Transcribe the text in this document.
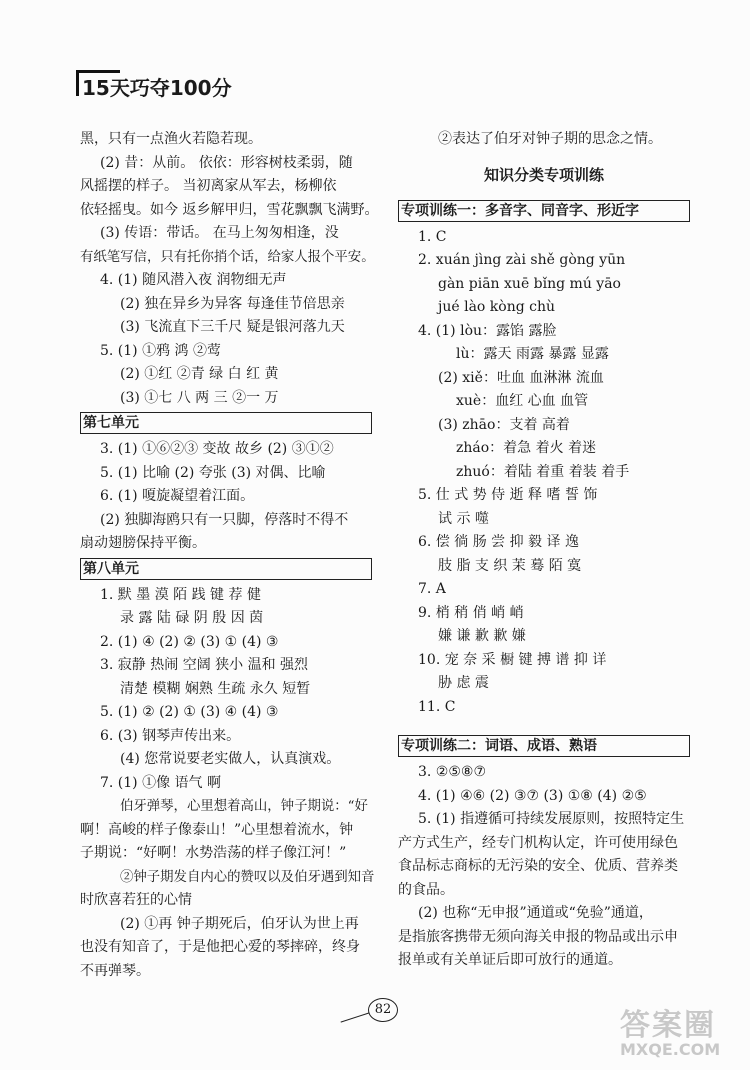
15天巧夺100分
黑，只有一点渔火若隐若现。
(2) 昔：从前。 依依：形容树枝柔弱，随
风摇摆的样子。 当初离家从军去，杨柳依
依轻摇曳。如今 返乡解甲归，雪花飘飘飞满野。
(3) 传语：带话。 在马上匆匆相逢，没
有纸笔写信，只有托你捎个话，给家人报个平安。
4. (1) 随风潜入夜 润物细无声
(2) 独在异乡为异客 每逢佳节倍思亲
(3) 飞流直下三千尺 疑是银河落九天
5. (1) ①鸦 鸿 ②莺
(2) ①红 ②青 绿 白 红 黄
(3) ①七 八 两 三 ②一 万
第七单元
3. (1) ①⑥②③ 变故 故乡 (2) ③①②
5. (1) 比喻 (2) 夸张 (3) 对偶、比喻
6. (1) 嗄旋凝望着江面。
(2) 独脚海鸥只有一只脚，停落时不得不
扇动翅膀保持平衡。
第八单元
1. 默 墨 漠 陌 践 键 荐 健
录 露 陆 碌 阴 殷 因 茵
2. (1) ④ (2) ② (3) ① (4) ③
3. 寂静 热闹 空阔 狭小 温和 强烈
清楚 模糊 娴熟 生疏 永久 短暂
5. (1) ② (2) ① (3) ④ (4) ③
6. (3) 钢琴声传出来。
(4) 您常说要老实做人，认真演戏。
7. (1) ①像 语气 啊
伯牙弹琴，心里想着高山，钟子期说：“好
啊！高峻的样子像泰山！”心里想着流水，钟
子期说：“好啊！水势浩荡的样子像江河！”
②钟子期发自内心的赞叹以及伯牙遇到知音
时欣喜若狂的心情
(2) ①再 钟子期死后，伯牙认为世上再
也没有知音了，于是他把心爱的琴摔碎，终身
不再弹琴。
②表达了伯牙对钟子期的思念之情。
知识分类专项训练
专项训练一：多音字、同音字、形近字
1. C
2. xuán jìng zài shě gòng yūn
gàn piān xuē bǐng mú yāo
jué lào kòng chù
4. (1) lòu：露馅 露脸
lù：露天 雨露 暴露 显露
(2) xiě：吐血 血淋淋 流血
xuè：血红 心血 血管
(3) zhāo：支着 高着
zháo：着急 着火 着迷
zhuó：着陆 着重 着装 着手
5. 仕 式 势 侍 逝 释 嗜 誓 饰
试 示 噬
6. 偿 徜 肠 尝 抑 毅 译 逸
肢 脂 支 织 茉 蓦 陌 寞
7. A
9. 梢 稍 俏 峭 峭
嫌 谦 歉 歉 嫌
10. 宠 奈 采 橱 键 搏 谱 抑 详
胁 虑 震
11. C
专项训练二：词语、成语、熟语
3. ②⑤⑧⑦
4. (1) ④⑥ (2) ③⑦ (3) ①⑧ (4) ②⑤
5. (1) 指遵循可持续发展原则，按照特定生
产方式生产，经专门机构认定，许可使用绿色
食品标志商标的无污染的安全、优质、营养类
的食品。
(2) 也称“无申报”通道或“免验”通道，
是指旅客携带无须向海关申报的物品或出示申
报单或有关单证后即可放行的通道。
82	答案圈
MXQE.COM
